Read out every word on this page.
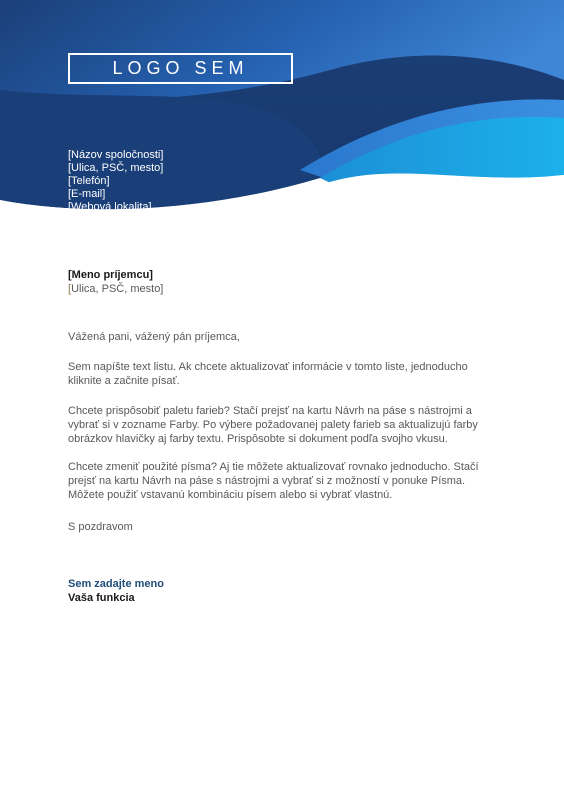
LOGO SEM
[Názov spoločnosti]
[Ulica, PSČ, mesto]
[Telefón]
[E-mail]
[Webová lokalita]
[Meno príjemcu]
[Ulica, PSČ, mesto]

Vážená pani, vážený pán príjemca,

Sem napíšte text listu. Ak chcete aktualizovať informácie v tomto liste, jednoducho kliknite a začnite písať.

Chcete prispôsobiť paletu farieb? Stačí prejsť na kartu Návrh na páse s nástrojmi a vybrať si v zozname Farby. Po výbere požadovanej palety farieb sa aktualizujú farby obrázkov hlavičky aj farby textu. Prispôsobte si dokument podľa svojho vkusu.

Chcete zmeniť použité písma? Aj tie môžete aktualizovať rovnako jednoducho. Stačí prejsť na kartu Návrh na páse s nástrojmi a vybrať si z možností v ponuke Písma. Môžete použiť vstavanú kombináciu písem alebo si vybrať vlastnú.

S pozdravom

Sem zadajte meno
Vaša funkcia
